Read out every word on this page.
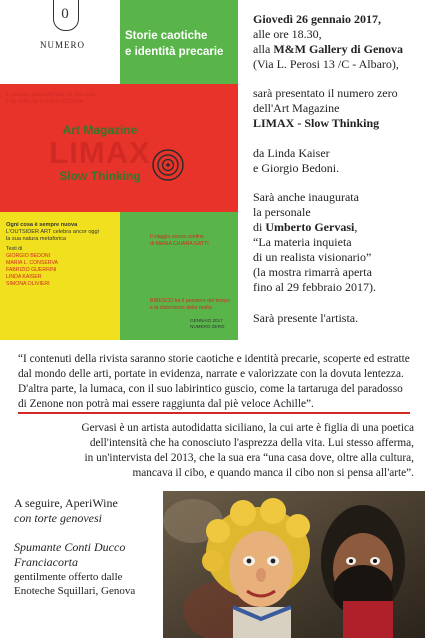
0
NUMERO
Storie caotiche
e identità precarie
È nessuno possiede tutto ciò che vede,
il filo della vita in KUFICA CIZIMA
Art Magazine
LIMAX
Slow Thinking
Ogni cosa è sempre nuova
L'OUTSIDER ART celebra ancor oggi
la sua natura metaforica	Il viaggio senza confine
di MARIA CHIARA GATTI
Testi di
GIORGIO BEDONI
MARIA L. CONSERVA
FABRIZIO GUERRINI
LINDA KAISER
SIMONA OLIVIERI
BIBESCO tra il pensiero del tempo
e la distorsione della realtà
GENNAIO 2017
NUMERO ZERO
Giovedì 26 gennaio 2017,
alle ore 18.30,
alla M&M Gallery di Genova
(Via L. Perosi 13 /C - Albaro),
sarà presentato il numero zero
dell'Art Magazine
LIMAX - Slow Thinking
da Linda Kaiser
e Giorgio Bedoni.
Sarà anche inaugurata
la personale
di Umberto Gervasi,
“La materia inquieta
di un realista visionario”
(la mostra rimarrà aperta
fino al 29 febbraio 2017).
Sarà presente l'artista.
“I contenuti della rivista saranno storie caotiche e identità precarie, scoperte ed estratte
dal mondo delle arti, portate in evidenza, narrate e valorizzate con la dovuta lentezza.
D'altra parte, la lumaca, con il suo labirintico guscio, come la tartaruga del paradosso
di Zenone non potrà mai essere raggiunta dal piè veloce Achille”.
Gervasi è un artista autodidatta siciliano, la cui arte è figlia di una poetica
dell'intensità che ha conosciuto l'asprezza della vita. Lui stesso afferma,
in un'intervista del 2013, che la sua era “una casa dove, oltre alla cultura,
mancava il cibo, e quando manca il cibo non si pensa all'arte”.
A seguire, AperiWine
con torte genovesi
Spumante Conti Ducco
Franciacorta
gentilmente offerto dalle
Enoteche Squillari, Genova
